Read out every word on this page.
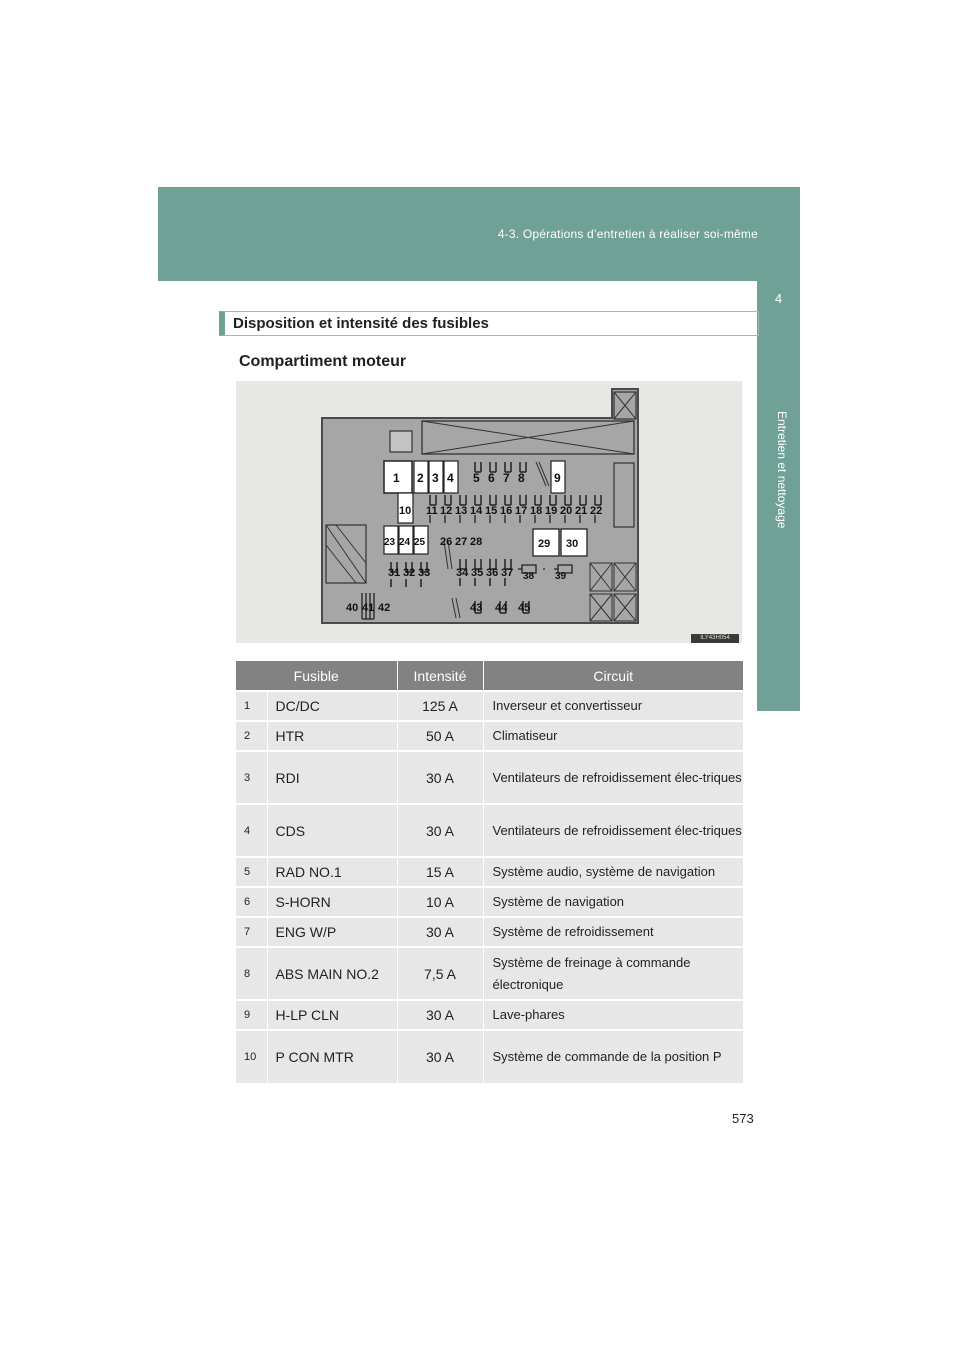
4-3. Opérations d’entretien à réaliser soi-même
4
Entretien et nettoyage
Disposition et intensité des fusibles
Compartiment moteur
1 2 3 4 5 6 7 8 9
10 11 12 13 14 15 16 17 18 19 20 21 22
23 24 25 26 27 28	29 30
31 32 33 34 35 36 37 38 39
40 41 42	43 44 45
ILY43H054
Fusible		Intensité	Circuit
1	DC/DC	125 A	Inverseur et convertisseur
2	HTR	50 A	Climatiseur
3	RDI	30 A	Ventilateurs de refroidissement élec-triques
4	CDS	30 A	Ventilateurs de refroidissement élec-triques
5	RAD NO.1	15 A	Système audio, système de navigation
6	S-HORN	10 A	Système de navigation
7	ENG W/P	30 A	Système de refroidissement
8	ABS MAIN NO.2	7,5 A	Système de freinage à commande électronique
9	H-LP CLN	30 A	Lave-phares
10	P CON MTR	30 A	Système de commande de la position P
573
